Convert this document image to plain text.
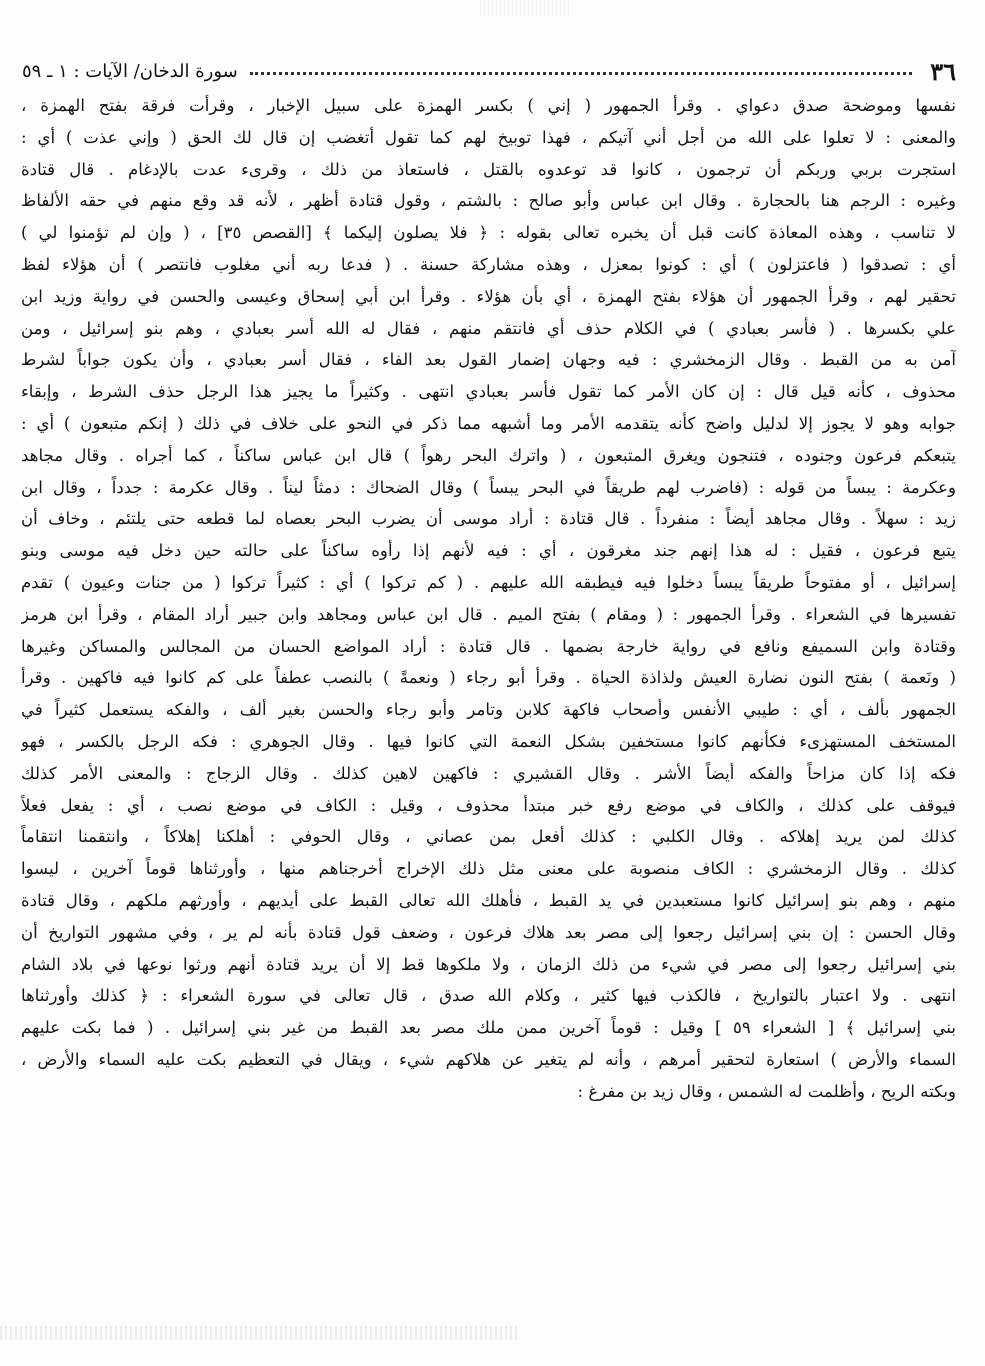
٣٦
سورة الدخان/ الآيات : ١ ـ ٥٩
نفسها وموضحة صدق دعواي . وقرأ الجمهور ( إني ) بكسر الهمزة على سبيل الإخبار ، وقرأت فرقة بفتح الهمزة ،
والمعنى : لا تعلوا على الله من أجل أني آتيكم ، فهذا توبيخ لهم كما تقول أتغضب إن قال لك الحق ( وإني عذت ) أي :
استجرت بربي وربكم أن ترجمون ، كانوا قد توعدوه بالقتل ، فاستعاذ من ذلك ، وقرىء عدت بالإدغام . قال قتادة
وغيره : الرجم هنا بالحجارة . وقال ابن عباس وأبو صالح : بالشتم ، وقول قتادة أظهر ، لأنه قد وقع منهم في حقه الألفاظ
لا تناسب ، وهذه المعاذة كانت قبل أن يخبره تعالى بقوله : ﴿ فلا يصلون إليكما ﴾ [القصص ٣٥] ، ( وإن لم تؤمنوا لي )
أي : تصدقوا ( فاعتزلون ) أي : كونوا بمعزل ، وهذه مشاركة حسنة . ( فدعا ربه أني مغلوب فانتصر ) أن هؤلاء لفظ
تحقير لهم ، وقرأ الجمهور أن هؤلاء بفتح الهمزة ، أي بأن هؤلاء . وقرأ ابن أبي إسحاق وعيسى والحسن في رواية وزيد ابن
علي بكسرها . ( فأسر بعبادي ) في الكلام حذف أي فانتقم منهم ، فقال له الله أسر بعبادي ، وهم بنو إسرائيل ، ومن
آمن به من القبط . وقال الزمخشري : فيه وجهان إضمار القول بعد الفاء ، فقال أسر بعبادي ، وأن يكون جواباً لشرط
محذوف ، كأنه قيل قال : إن كان الأمر كما تقول فأسر بعبادي انتهى . وكثيراً ما يجيز هذا الرجل حذف الشرط ، وإبقاء
جوابه وهو لا يجوز إلا لدليل واضح كأنه يتقدمه الأمر وما أشبهه مما ذكر في النحو على خلاف في ذلك ( إنكم متبعون ) أي :
يتبعكم فرعون وجنوده ، فتنجون ويغرق المتبعون ، ( واترك البحر رهواً ) قال ابن عباس ساكناً ، كما أجراه . وقال مجاهد
وعكرمة : يبساً من قوله : (فاضرب لهم طريقاً في البحر يبساً ) وقال الضحاك : دمثاً ليناً . وقال عكرمة : جدداً ، وقال ابن
زيد : سهلاً . وقال مجاهد أيضاً : منفرداً . قال قتادة : أراد موسى أن يضرب البحر بعصاه لما قطعه حتى يلتئم ، وخاف أن
يتبع فرعون ، فقيل : له هذا إنهم جند مغرقون ، أي : فيه لأنهم إذا رأوه ساكناً على حالته حين دخل فيه موسى وبنو
إسرائيل ، أو مفتوحاً طريقاً يبساً دخلوا فيه فيطبقه الله عليهم . ( كم تركوا ) أي : كثيراً تركوا ( من جنات وعيون ) تقدم
تفسيرها في الشعراء . وقرأ الجمهور : ( ومقام ) بفتح الميم . قال ابن عباس ومجاهد وابن جبير أراد المقام ، وقرأ ابن هرمز
وقتادة وابن السميفع ونافع في رواية خارجة بضمها . قال قتادة : أراد المواضع الحسان من المجالس والمساكن وغيرها
( ونَعمة ) بفتح النون نضارة العيش ولذاذة الحياة . وقرأ أبو رجاء ( ونعمةً ) بالنصب عطفاً على كم كانوا فيه فاكهين . وقرأ
الجمهور بألف ، أي : طيبي الأنفس وأصحاب فاكهة كلابن وتامر وأبو رجاء والحسن بغير ألف ، والفكه يستعمل كثيراً في
المستخف المستهزىء فكأنهم كانوا مستخفين بشكل النعمة التي كانوا فيها . وقال الجوهري : فكه الرجل بالكسر ، فهو
فكه إذا كان مزاحاً والفكه أيضاً الأشر . وقال القشيري : فاكهين لاهين كذلك . وقال الزجاج : والمعنى الأمر كذلك
فيوقف على كذلك ، والكاف في موضع رفع خبر مبتدأ محذوف ، وقيل : الكاف في موضع نصب ، أي : يفعل فعلاً
كذلك لمن يريد إهلاكه . وقال الكلبي : كذلك أفعل بمن عصاني ، وقال الحوفي : أهلكنا إهلاكاً ، وانتقمنا انتقاماً
كذلك . وقال الزمخشري : الكاف منصوبة على معنى مثل ذلك الإخراج أخرجناهم منها ، وأورثناها قوماً آخرين ، ليسوا
منهم ، وهم بنو إسرائيل كانوا مستعبدين في يد القبط ، فأهلك الله تعالى القبط على أيديهم ، وأورثهم ملكهم ، وقال قتادة
وقال الحسن : إن بني إسرائيل رجعوا إلى مصر بعد هلاك فرعون ، وضعف قول قتادة بأنه لم ير ، وفي مشهور التواريخ أن
بني إسرائيل رجعوا إلى مصر في شيء من ذلك الزمان ، ولا ملكوها قط إلا أن يريد قتادة أنهم ورثوا نوعها في بلاد الشام
انتهى . ولا اعتبار بالتواريخ ، فالكذب فيها كثير ، وكلام الله صدق ، قال تعالى في سورة الشعراء : ﴿ كذلك وأورثناها
بني إسرائيل ﴾ [ الشعراء ٥٩ ] وقيل : قوماً آخرين ممن ملك مصر بعد القبط من غير بني إسرائيل . ( فما بكت عليهم
السماء والأرض ) استعارة لتحقير أمرهم ، وأنه لم يتغير عن هلاكهم شيء ، ويقال في التعظيم بكت عليه السماء والأرض ،
وبكته الريح ، وأظلمت له الشمس ، وقال زيد بن مفرغ :
